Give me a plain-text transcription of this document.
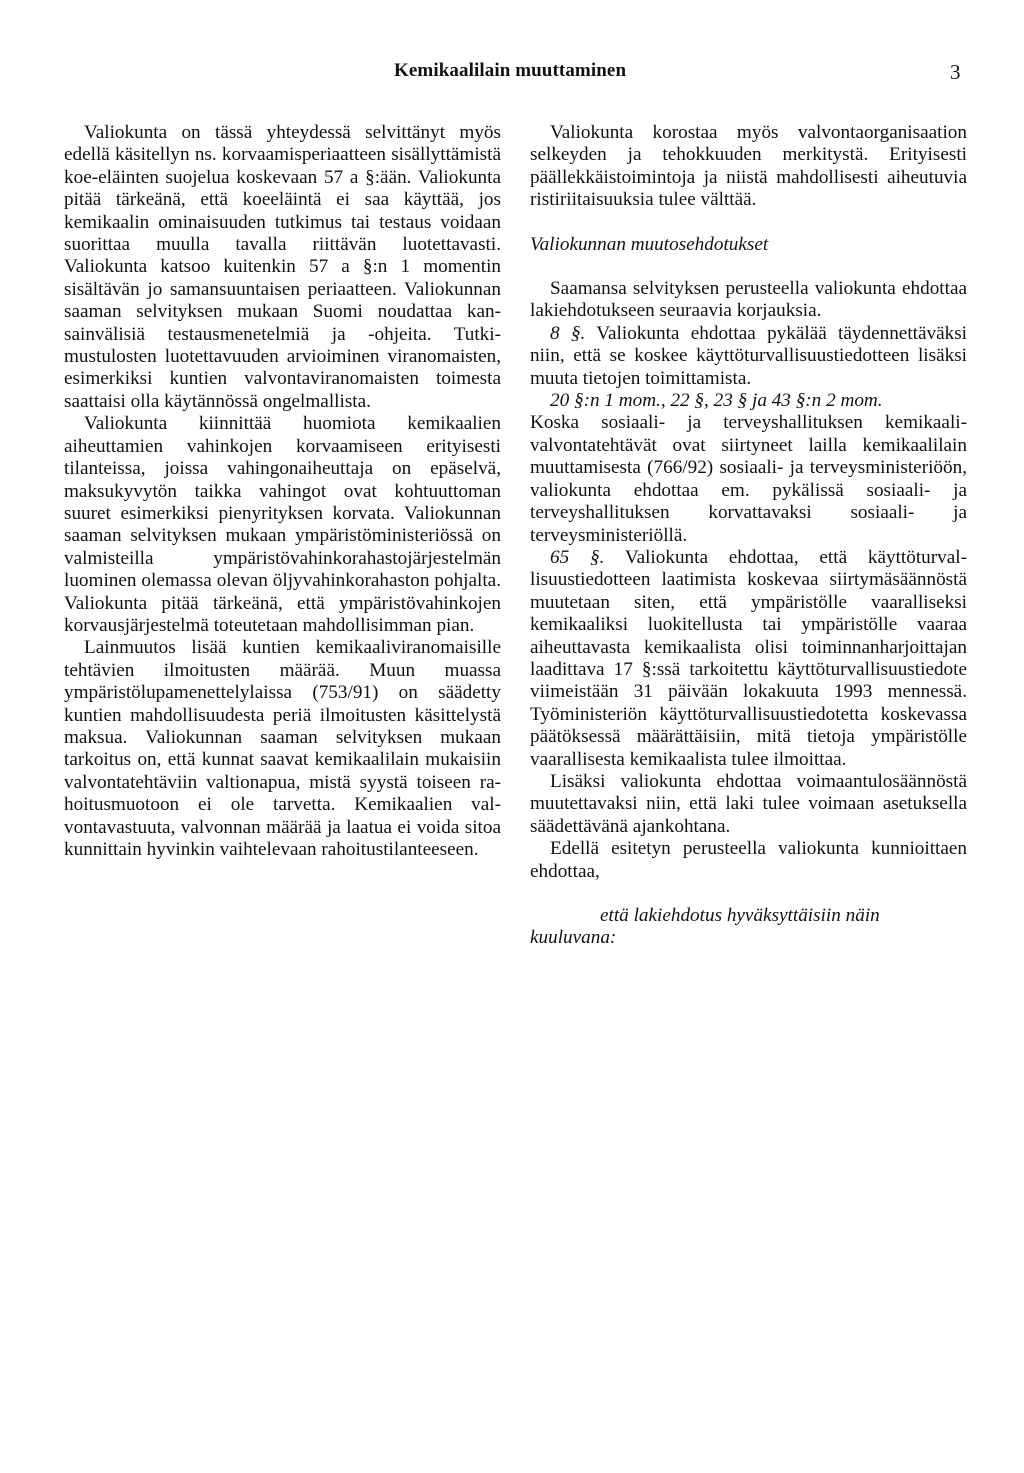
Kemikaalilain muuttaminen	3

Valiokunta on tässä yhteydessä selvittänyt myös edellä käsitellyn ns. korvaamisperiaatteen sisällyttämistä koe-eläinten suojelua koskevaan 57 a §:ään. Valiokunta pitää tärkeänä, että koeeläintä ei saa käyttää, jos kemikaalin ominaisuuden tutkimus tai testaus voidaan suorittaa muulla tavalla riittävän luotettavasti. Valiokunta katsoo kuitenkin 57 a §:n 1 momentin sisältävän jo samansuuntaisen periaatteen. Valiokunnan saaman selvityksen mukaan Suomi noudattaa kansainvälisiä testausmenetelmiä ja -ohjeita. Tutkimustulosten luotettavuuden arvioiminen viranomaisten, esimerkiksi kuntien valvontaviranomaisten toimesta saattaisi olla käytännössä ongelmallista.

Valiokunta kiinnittää huomiota kemikaalien aiheuttamien vahinkojen korvaamiseen erityisesti tilanteissa, joissa vahingonaiheuttaja on epäselvä, maksukyvytön taikka vahingot ovat kohtuuttoman suuret esimerkiksi pienyrityksen korvata. Valiokunnan saaman selvityksen mukaan ympäristöministeriössä on valmisteilla ympäristövahinkorahastojärjestelmän luominen olemassa olevan öljyvahinkorahaston pohjalta. Valiokunta pitää tärkeänä, että ympäristövahinkojen korvausjärjestelmä toteutetaan mahdollisimman pian.

Lainmuutos lisää kuntien kemikaaliviranomaisille tehtävien ilmoitusten määrää. Muun muassa ympäristölupamenettelylaissa (753/91) on säädetty kuntien mahdollisuudesta periä ilmoitusten käsittelystä maksua. Valiokunnan saaman selvityksen mukaan tarkoitus on, että kunnat saavat kemikaalilain mukaisiin valvontatehtäviin valtionapua, mistä syystä toiseen rahoitusmuotoon ei ole tarvetta. Kemikaalien valvontavastuuta, valvonnan määrää ja laatua ei voida sitoa kunnittain hyvinkin vaihtelevaan rahoitustilanteeseen.

Valiokunta korostaa myös valvontaorganisaation selkeyden ja tehokkuuden merkitystä. Erityisesti päällekkäistoimintoja ja niistä mahdollisesti aiheutuvia ristiriitaisuuksia tulee välttää.

Valiokunnan muutosehdotukset

Saamansa selvityksen perusteella valiokunta ehdottaa lakiehdotukseen seuraavia korjauksia.

8 §. Valiokunta ehdottaa pykälää täydennettäväksi niin, että se koskee käyttöturvallisuustiedotteen lisäksi muuta tietojen toimittamista.

20 §:n 1 mom., 22 §, 23 § ja 43 §:n 2 mom.

Koska sosiaali- ja terveyshallituksen kemikaalivalvontatehtävät ovat siirtyneet lailla kemikaalilain muuttamisesta (766/92) sosiaali- ja terveysministeriöön, valiokunta ehdottaa em. pykälissä sosiaali- ja terveyshallituksen korvattavaksi sosiaali- ja terveysministeriöllä.

65 §. Valiokunta ehdottaa, että käyttöturvallisuustiedotteen laatimista koskevaa siirtymäsäännöstä muutetaan siten, että ympäristölle vaaralliseksi kemikaaliksi luokitellusta tai ympäristölle vaaraa aiheuttavasta kemikaalista olisi toiminnanharjoittajan laadittava 17 §:ssä tarkoitettu käyttöturvallisuustiedote viimeistään 31 päivään lokakuuta 1993 mennessä. Työministeriön käyttöturvallisuustiedotetta koskevassa päätöksessä määrättäisiin, mitä tietoja ympäristölle vaarallisesta kemikaalista tulee ilmoittaa.

Lisäksi valiokunta ehdottaa voimaantulosäännöstä muutettavaksi niin, että laki tulee voimaan asetuksella säädettävänä ajankohtana.

Edellä esitetyn perusteella valiokunta kunnioittaen ehdottaa,

että lakiehdotus hyväksyttäisiin näin kuuluvana:
